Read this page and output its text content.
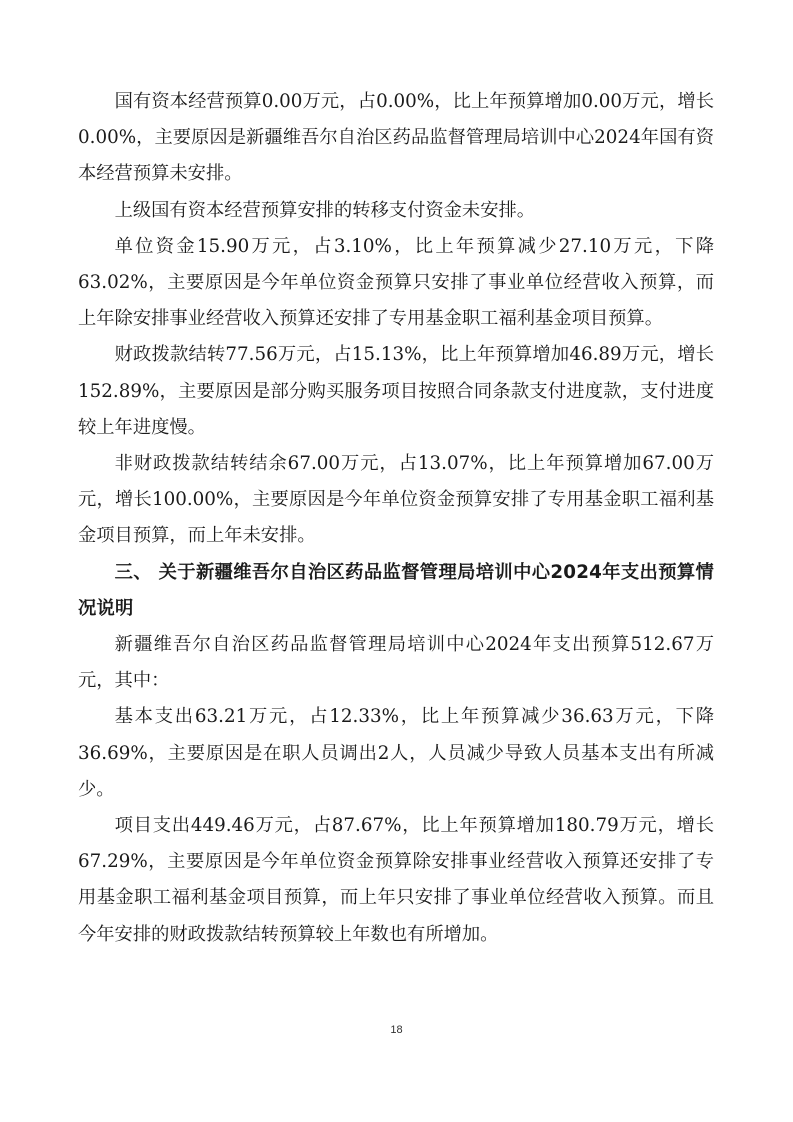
国有资本经营预算0.00万元，占0.00%，比上年预算增加0.00万元，增长0.00%，主要原因是新疆维吾尔自治区药品监督管理局培训中心2024年国有资本经营预算未安排。

上级国有资本经营预算安排的转移支付资金未安排。

单位资金15.90万元，占3.10%，比上年预算减少27.10万元，下降63.02%，主要原因是今年单位资金预算只安排了事业单位经营收入预算，而上年除安排事业经营收入预算还安排了专用基金职工福利基金项目预算。

财政拨款结转77.56万元，占15.13%，比上年预算增加46.89万元，增长152.89%，主要原因是部分购买服务项目按照合同条款支付进度款，支付进度较上年进度慢。

非财政拨款结转结余67.00万元，占13.07%，比上年预算增加67.00万元，增长100.00%，主要原因是今年单位资金预算安排了专用基金职工福利基金项目预算，而上年未安排。

三、 关于新疆维吾尔自治区药品监督管理局培训中心2024年支出预算情况说明

新疆维吾尔自治区药品监督管理局培训中心2024年支出预算512.67万元，其中：

基本支出63.21万元，占12.33%，比上年预算减少36.63万元，下降36.69%，主要原因是在职人员调出2人，人员减少导致人员基本支出有所减少。

项目支出449.46万元，占87.67%，比上年预算增加180.79万元，增长67.29%，主要原因是今年单位资金预算除安排事业经营收入预算还安排了专用基金职工福利基金项目预算，而上年只安排了事业单位经营收入预算。而且今年安排的财政拨款结转预算较上年数也有所增加。

18
